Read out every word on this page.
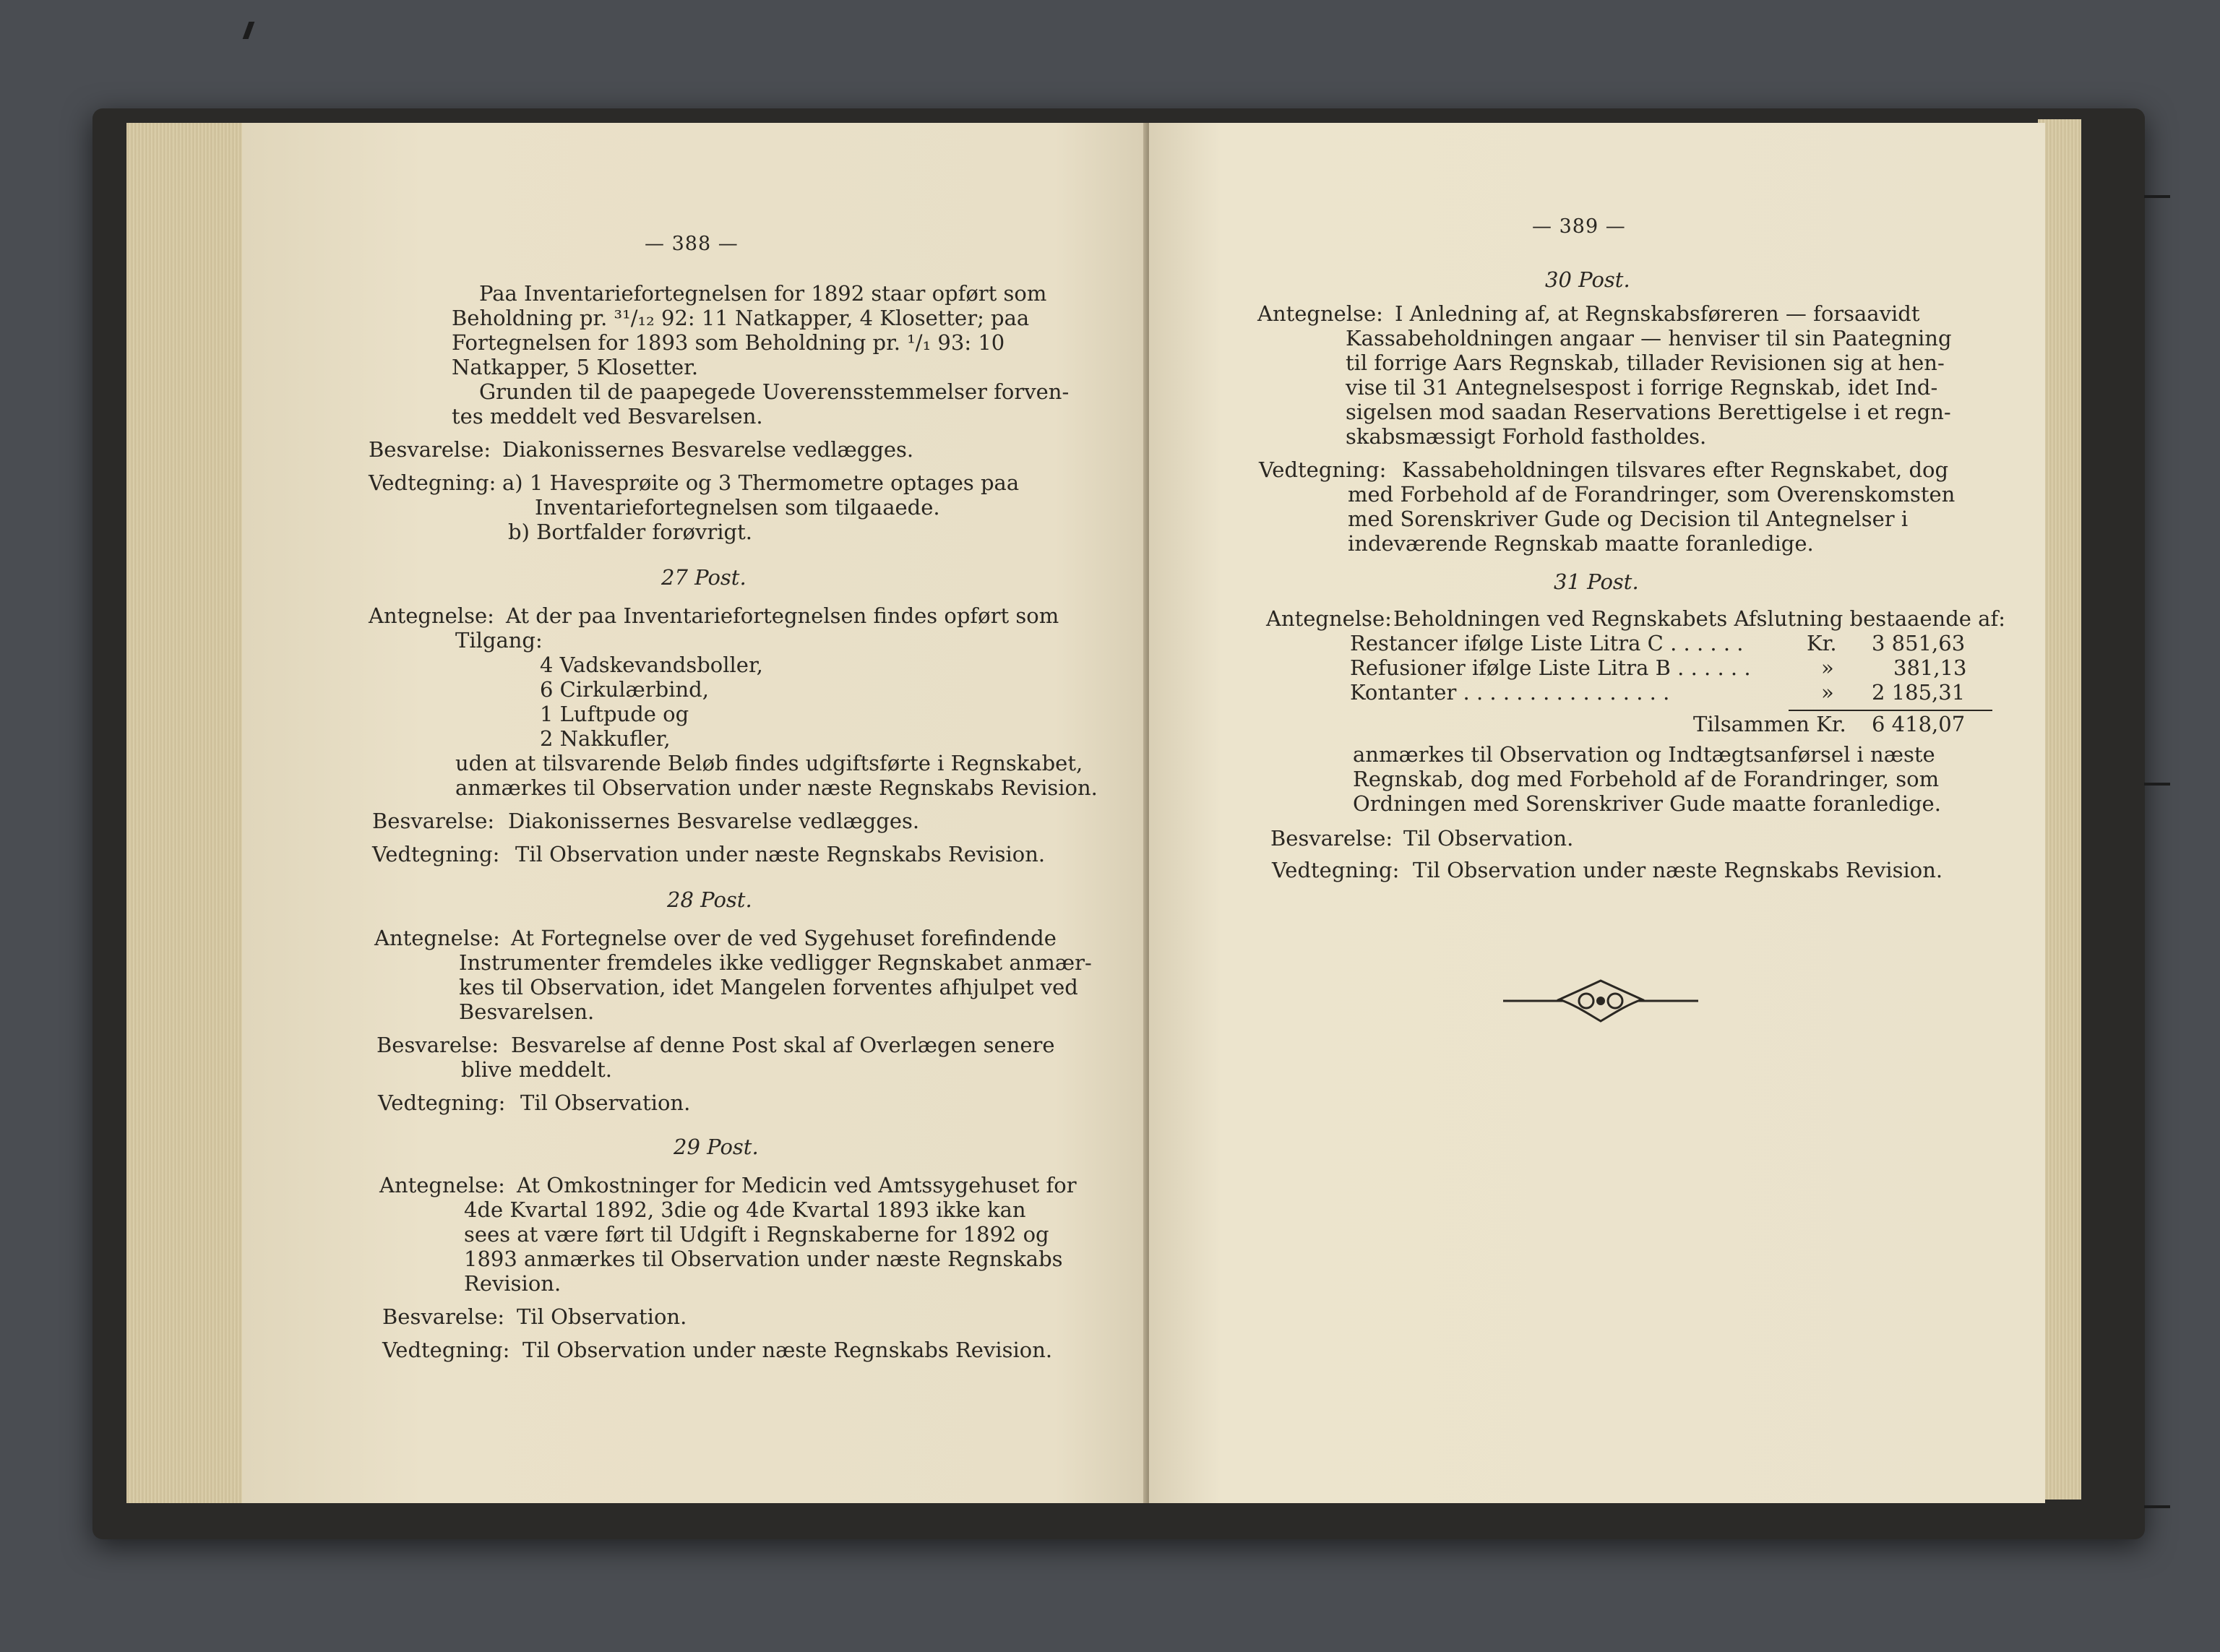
— 388 —
Paa Inventariefortegnelsen for 1892 staar opført som
Beholdning pr. ³¹/₁₂ 92: 11 Natkapper, 4 Klosetter; paa
Fortegnelsen for 1893 som Beholdning pr. ¹/₁ 93: 10
Natkapper, 5 Klosetter.
Grunden til de paapegede Uoverensstemmelser forven-
tes meddelt ved Besvarelsen.
Besvarelse: Diakonissernes Besvarelse vedlægges.
Vedtegning: a) 1 Havesprøite og 3 Thermometre optages paa
Inventariefortegnelsen som tilgaaede.
b) Bortfalder forøvrigt.
27 Post.
Antegnelse: At der paa Inventariefortegnelsen findes opført som
Tilgang:
4 Vadskevandsboller,
6 Cirkulærbind,
1 Luftpude og
2 Nakkufler,
uden at tilsvarende Beløb findes udgiftsførte i Regnskabet,
anmærkes til Observation under næste Regnskabs Revision.
Besvarelse: Diakonissernes Besvarelse vedlægges.
Vedtegning: Til Observation under næste Regnskabs Revision.
28 Post.
Antegnelse: At Fortegnelse over de ved Sygehuset forefindende
Instrumenter fremdeles ikke vedligger Regnskabet anmær-
kes til Observation, idet Mangelen forventes afhjulpet ved
Besvarelsen.
Besvarelse: Besvarelse af denne Post skal af Overlægen senere
blive meddelt.
Vedtegning: Til Observation.
29 Post.
Antegnelse: At Omkostninger for Medicin ved Amtssygehuset for
4de Kvartal 1892, 3die og 4de Kvartal 1893 ikke kan
sees at være ført til Udgift i Regnskaberne for 1892 og
1893 anmærkes til Observation under næste Regnskabs
Revision.
Besvarelse: Til Observation.
Vedtegning: Til Observation under næste Regnskabs Revision.
— 389 —
30 Post.
Antegnelse: I Anledning af, at Regnskabsføreren — forsaavidt
Kassabeholdningen angaar — henviser til sin Paategning
til forrige Aars Regnskab, tillader Revisionen sig at hen-
vise til 31 Antegnelsespost i forrige Regnskab, idet Ind-
sigelsen mod saadan Reservations Berettigelse i et regn-
skabsmæssigt Forhold fastholdes.
Vedtegning: Kassabeholdningen tilsvares efter Regnskabet, dog
med Forbehold af de Forandringer, som Overenskomsten
med Sorenskriver Gude og Decision til Antegnelser i
indeværende Regnskab maatte foranledige.
31 Post.
Antegnelse: Beholdningen ved Regnskabets Afslutning bestaaende af:
Restancer ifølge Liste Litra C . . . . . .	Kr. 3 851,63
Refusioner ifølge Liste Litra B . . . . . .	»	381,13
Kontanter . . . . . . . . . . . . . . . .	» 2 185,31
Tilsammen Kr. 6 418,07
anmærkes til Observation og Indtægtsanførsel i næste
Regnskab, dog med Forbehold af de Forandringer, som
Ordningen med Sorenskriver Gude maatte foranledige.
Besvarelse: Til Observation.
Vedtegning: Til Observation under næste Regnskabs Revision.
